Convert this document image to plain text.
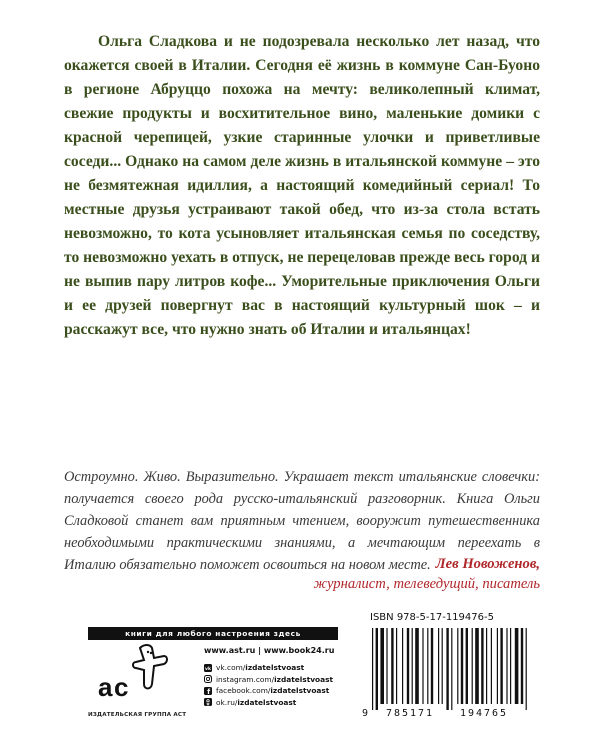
Ольга Сладкова и не подозревала несколько лет назад, что окажется своей в Италии. Сегодня её жизнь в коммуне Сан-Буоно в регионе Абруццо похожа на мечту: великолепный климат, свежие продукты и восхитительное вино, маленькие домики с красной черепицей, узкие старинные улочки и приветливые соседи... Однако на самом деле жизнь в итальянской коммуне – это не безмятежная идиллия, а настоящий комедийный сериал! То местные друзья устраивают такой обед, что из-за стола встать невозможно, то кота усыновляет итальянская семья по соседству, то невозможно уехать в отпуск, не перецеловав прежде весь город и не выпив пару литров кофе... Уморительные приключения Ольги и ее друзей повергнут вас в настоящий культурный шок – и расскажут все, что нужно знать об Италии и итальянцах!
Остроумно. Живо. Выразительно. Украшает текст итальянские словечки: получается своего рода русско-итальянский разговорник. Книга Ольги Сладковой станет вам приятным чтением, вооружит путешественника необходимыми практическими знаниями, а мечтающим переехать в Италию обязательно поможет освоиться на новом месте. Лев Новоженов,
журналист, телеведущий, писатель
книги для любого настроения здесь
а с
ИЗДАТЕЛЬСКАЯ ГРУППА АСТ
www.ast.ru | www.book24.ru
vk vk.com/ izdatelstvoast
instagram.com/ izdatelstvoast
f facebook.com/ izdatelstvoast
ok.ru/ izdatelstvoast
ISBN 978-5-17-119476-5
9 785171	194765
